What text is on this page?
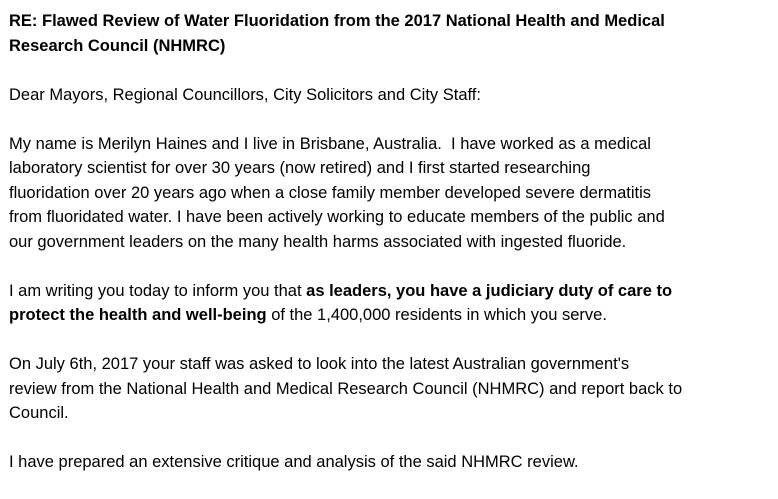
RE: Flawed Review of Water Fluoridation from the 2017 National Health and Medical
Research Council (NHMRC)

Dear Mayors, Regional Councillors, City Solicitors and City Staff:

My name is Merilyn Haines and I live in Brisbane, Australia.  I have worked as a medical
laboratory scientist for over 30 years (now retired) and I first started researching
fluoridation over 20 years ago when a close family member developed severe dermatitis
from fluoridated water. I have been actively working to educate members of the public and
our government leaders on the many health harms associated with ingested fluoride.

I am writing you today to inform you that as leaders, you have a judiciary duty of care to
protect the health and well-being of the 1,400,000 residents in which you serve.

On July 6th, 2017 your staff was asked to look into the latest Australian government's
review from the National Health and Medical Research Council (NHMRC) and report back to
Council.

I have prepared an extensive critique and analysis of the said NHMRC review.
